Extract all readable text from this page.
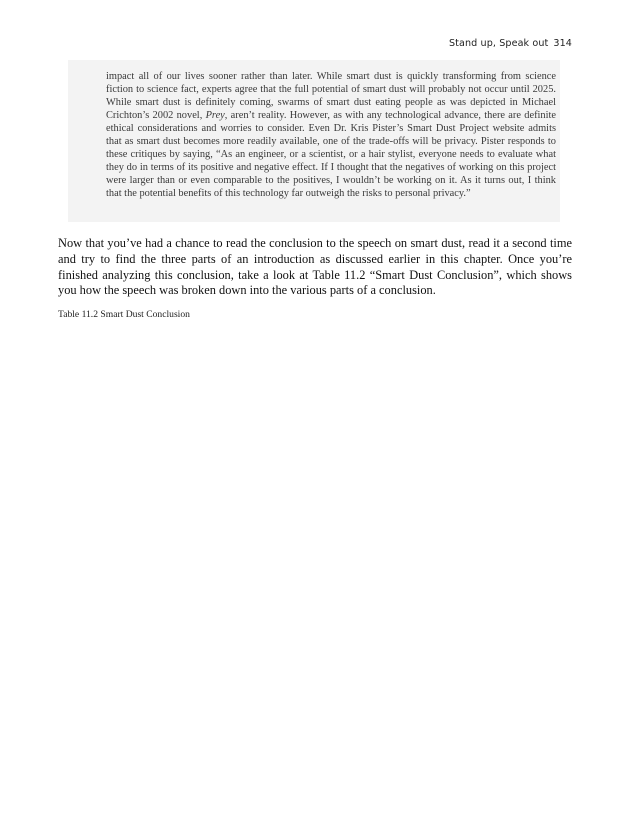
Stand up, Speak out 314

impact all of our lives sooner rather than later. While smart dust is quickly transforming from science fiction to science fact, experts agree that the full potential of smart dust will probably not occur until 2025. While smart dust is definitely coming, swarms of smart dust eating people as was depicted in Michael Crichton’s 2002 novel, Prey, aren’t reality. However, as with any technological advance, there are definite ethical considerations and worries to consider. Even Dr. Kris Pister’s Smart Dust Project website admits that as smart dust becomes more readily available, one of the trade-offs will be privacy. Pister responds to these critiques by saying, “As an engineer, or a scientist, or a hair stylist, everyone needs to evaluate what they do in terms of its positive and negative effect. If I thought that the negatives of working on this project were larger than or even comparable to the positives, I wouldn’t be working on it. As it turns out, I think that the potential benefits of this technology far outweigh the risks to personal privacy.”

Now that you’ve had a chance to read the conclusion to the speech on smart dust, read it a second time and try to find the three parts of an introduction as discussed earlier in this chapter. Once you’re finished analyzing this conclusion, take a look at Table 11.2 “Smart Dust Conclusion”, which shows you how the speech was broken down into the various parts of a conclusion.

Table 11.2 Smart Dust Conclusion
